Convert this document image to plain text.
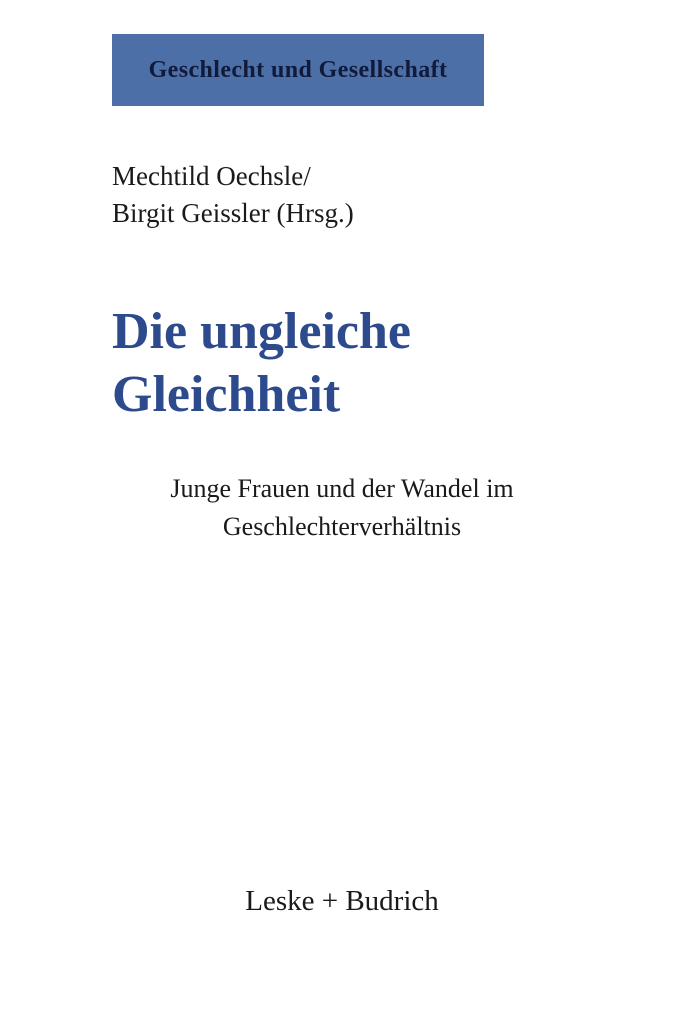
Geschlecht und Gesellschaft
Mechtild Oechsle/
Birgit Geissler (Hrsg.)
Die ungleiche
Gleichheit
Junge Frauen und der Wandel im
Geschlechterverhältnis
Leske + Budrich
